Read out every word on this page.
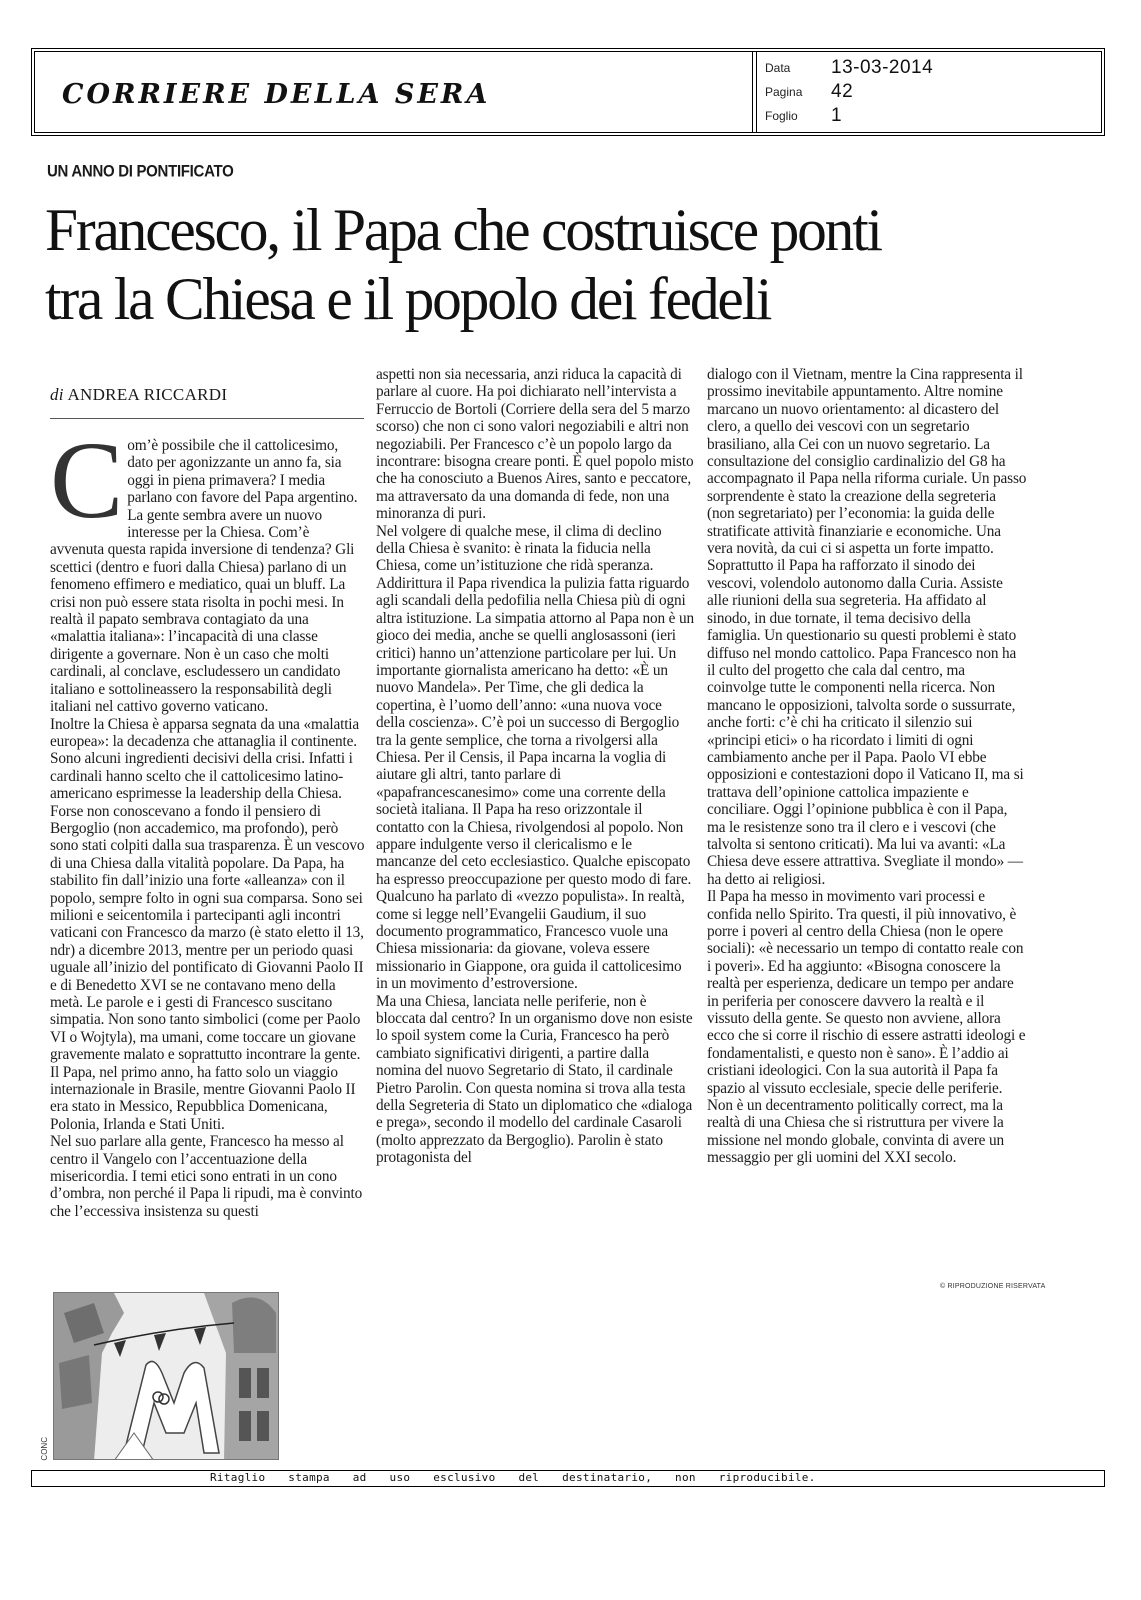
CORRIERE DELLA SERA
Data	13-03-2014
Pagina	42
Foglio	1
UN ANNO DI PONTIFICATO
Francesco, il Papa che costruisce ponti
tra la Chiesa e il popolo dei fedeli
di ANDREA RICCARDI
C om’è possibile che il cattolicesimo, dato per agonizzante un anno fa, sia oggi in piena primavera? I media parlano con favore del Papa argentino. La gente sembra avere un nuovo interesse per la Chiesa. Com’è avvenuta questa rapida inversione di tendenza? Gli scettici (dentro e fuori dalla Chiesa) parlano di un fenomeno effimero e mediatico, quai un bluff. La crisi non può essere stata risolta in pochi mesi. In realtà il papato sembrava contagiato da una «malattia italiana»: l’incapacità di una classe dirigente a governare. Non è un caso che molti cardinali, al conclave, escludessero un candidato italiano e sottolineassero la responsabilità degli italiani nel cattivo governo vaticano.

Inoltre la Chiesa è apparsa segnata da una «malattia europea»: la decadenza che attanaglia il continente. Sono alcuni ingredienti decisivi della crisi. Infatti i cardinali hanno scelto che il cattolicesimo latino-americano esprimesse la leadership della Chiesa. Forse non conoscevano a fondo il pensiero di Bergoglio (non accademico, ma profondo), però sono stati colpiti dalla sua trasparenza. È un vescovo di una Chiesa dalla vitalità popolare. Da Papa, ha stabilito fin dall’inizio una forte «alleanza» con il popolo, sempre folto in ogni sua comparsa. Sono sei milioni e seicentomila i partecipanti agli incontri vaticani con Francesco da marzo (è stato eletto il 13, ndr) a dicembre 2013, mentre per un periodo quasi uguale all’inizio del pontificato di Giovanni Paolo II e di Benedetto XVI se ne contavano meno della metà. Le parole e i gesti di Francesco suscitano simpatia. Non sono tanto simbolici (come per Paolo VI o Wojtyla), ma umani, come toccare un giovane gravemente malato e soprattutto incontrare la gente. Il Papa, nel primo anno, ha fatto solo un viaggio internazionale in Brasile, mentre Giovanni Paolo II era stato in Messico, Repubblica Domenicana, Polonia, Irlanda e Stati Uniti.

Nel suo parlare alla gente, Francesco ha messo al centro il Vangelo con l’accentuazione della misericordia. I temi etici sono entrati in un cono d’ombra, non perché il Papa li ripudi, ma è convinto che l’eccessiva insistenza su questi

aspetti non sia necessaria, anzi riduca la capacità di parlare al cuore. Ha poi dichiarato nell’intervista a Ferruccio de Bortoli (Corriere della sera del 5 marzo scorso) che non ci sono valori negoziabili e altri non negoziabili. Per Francesco c’è un popolo largo da incontrare: bisogna creare ponti. È quel popolo misto che ha conosciuto a Buenos Aires, santo e peccatore, ma attraversato da una domanda di fede, non una minoranza di puri.

Nel volgere di qualche mese, il clima di declino della Chiesa è svanito: è rinata la fiducia nella Chiesa, come un’istituzione che ridà speranza. Addirittura il Papa rivendica la pulizia fatta riguardo agli scandali della pedofilia nella Chiesa più di ogni altra istituzione. La simpatia attorno al Papa non è un gioco dei media, anche se quelli anglosassoni (ieri critici) hanno un’attenzione particolare per lui. Un importante giornalista americano ha detto: «È un nuovo Mandela». Per Time, che gli dedica la copertina, è l’uomo dell’anno: «una nuova voce della coscienza». C’è poi un successo di Bergoglio tra la gente semplice, che torna a rivolgersi alla Chiesa. Per il Censis, il Papa incarna la voglia di aiutare gli altri, tanto parlare di «papafrancescanesimo» come una corrente della società italiana. Il Papa ha reso orizzontale il contatto con la Chiesa, rivolgendosi al popolo. Non appare indulgente verso il clericalismo e le mancanze del ceto ecclesiastico. Qualche episcopato ha espresso preoccupazione per questo modo di fare. Qualcuno ha parlato di «vezzo populista». In realtà, come si legge nell’Evangelii Gaudium, il suo documento programmatico, Francesco vuole una Chiesa missionaria: da giovane, voleva essere missionario in Giappone, ora guida il cattolicesimo in un movimento d’estroversione.

Ma una Chiesa, lanciata nelle periferie, non è bloccata dal centro? In un organismo dove non esiste lo spoil system come la Curia, Francesco ha però cambiato significativi dirigenti, a partire dalla nomina del nuovo Segretario di Stato, il cardinale Pietro Parolin. Con questa nomina si trova alla testa della Segreteria di Stato un diplomatico che «dialoga e prega», secondo il modello del cardinale Casaroli (molto apprezzato da Bergoglio). Parolin è stato protagonista del

dialogo con il Vietnam, mentre la Cina rappresenta il prossimo inevitabile appuntamento. Altre nomine marcano un nuovo orientamento: al dicastero del clero, a quello dei vescovi con un segretario brasiliano, alla Cei con un nuovo segretario. La consultazione del consiglio cardinalizio del G8 ha accompagnato il Papa nella riforma curiale. Un passo sorprendente è stato la creazione della segreteria (non segretariato) per l’economia: la guida delle stratificate attività finanziarie e economiche. Una vera novità, da cui ci si aspetta un forte impatto. Soprattutto il Papa ha rafforzato il sinodo dei vescovi, volendolo autonomo dalla Curia. Assiste alle riunioni della sua segreteria. Ha affidato al sinodo, in due tornate, il tema decisivo della famiglia. Un questionario su questi problemi è stato diffuso nel mondo cattolico. Papa Francesco non ha il culto del progetto che cala dal centro, ma coinvolge tutte le componenti nella ricerca. Non mancano le opposizioni, talvolta sorde o sussurrate, anche forti: c’è chi ha criticato il silenzio sui «principi etici» o ha ricordato i limiti di ogni cambiamento anche per il Papa. Paolo VI ebbe opposizioni e contestazioni dopo il Vaticano II, ma si trattava dell’opinione cattolica impaziente e conciliare. Oggi l’opinione pubblica è con il Papa, ma le resistenze sono tra il clero e i vescovi (che talvolta si sentono criticati). Ma lui va avanti: «La Chiesa deve essere attrattiva. Svegliate il mondo» — ha detto ai religiosi.

Il Papa ha messo in movimento vari processi e confida nello Spirito. Tra questi, il più innovativo, è porre i poveri al centro della Chiesa (non le opere sociali): «è necessario un tempo di contatto reale con i poveri». Ed ha aggiunto: «Bisogna conoscere la realtà per esperienza, dedicare un tempo per andare in periferia per conoscere davvero la realtà e il vissuto della gente. Se questo non avviene, allora ecco che si corre il rischio di essere astratti ideologi e fondamentalisti, e questo non è sano». È l’addio ai cristiani ideologici. Con la sua autorità il Papa fa spazio al vissuto ecclesiale, specie delle periferie. Non è un decentramento politically correct, ma la realtà di una Chiesa che si ristruttura per vivere la missione nel mondo globale, convinta di avere un messaggio per gli uomini del XXI secolo.

© RIPRODUZIONE RISERVATA
CONC
Ritaglio stampa ad uso esclusivo del destinatario, non riproducibile.
